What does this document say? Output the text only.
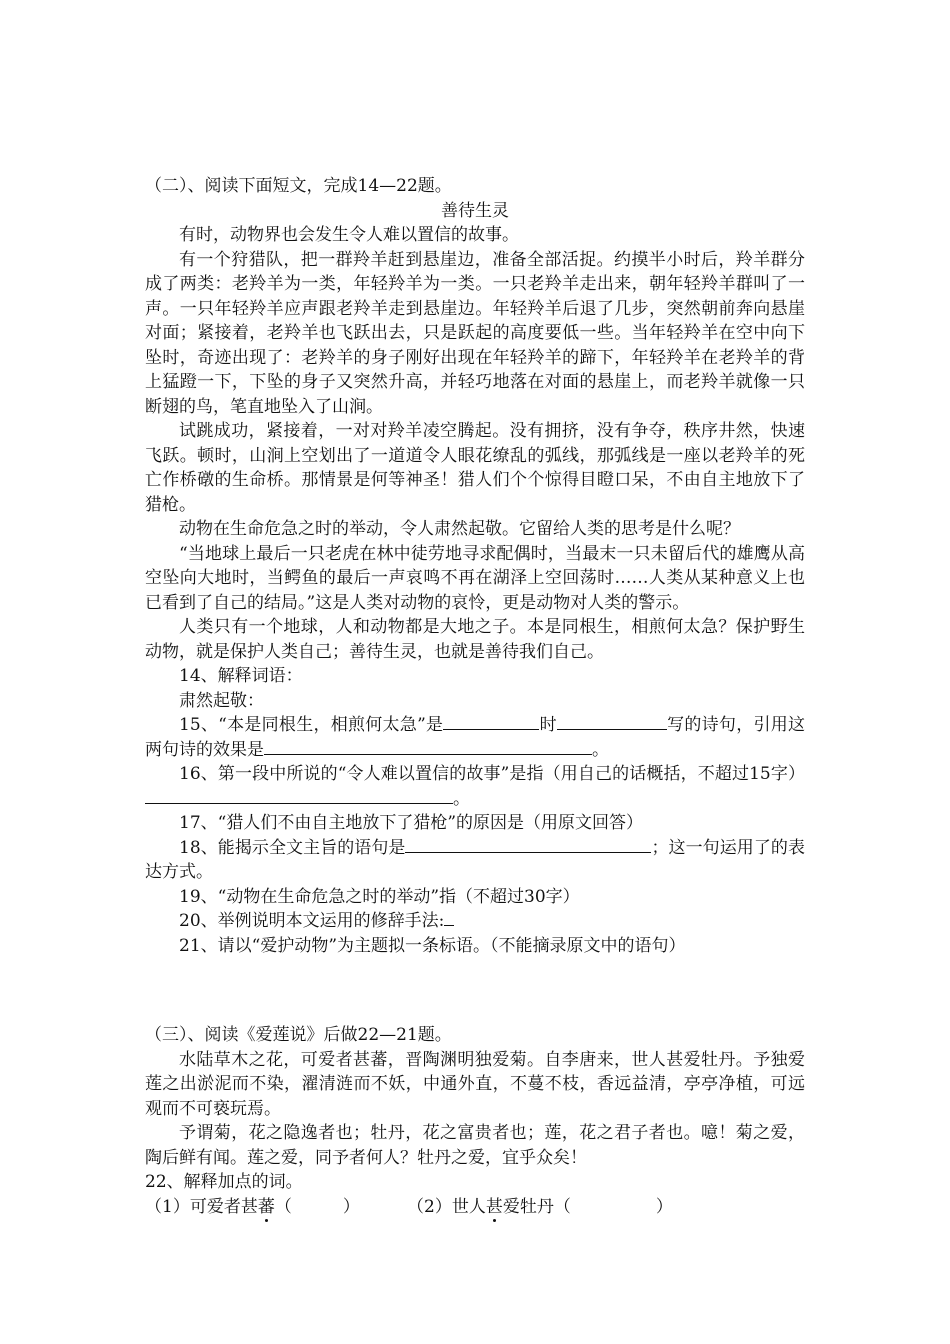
（二）、阅读下面短文，完成14—22题。

善待生灵

有时，动物界也会发生令人难以置信的故事。

有一个狩猎队，把一群羚羊赶到悬崖边，准备全部活捉。约摸半小时后，羚羊群分成了两类：老羚羊为一类，年轻羚羊为一类。一只老羚羊走出来，朝年轻羚羊群叫了一声。一只年轻羚羊应声跟老羚羊走到悬崖边。年轻羚羊后退了几步，突然朝前奔向悬崖对面；紧接着，老羚羊也飞跃出去，只是跃起的高度要低一些。当年轻羚羊在空中向下坠时，奇迹出现了：老羚羊的身子刚好出现在年轻羚羊的蹄下，年轻羚羊在老羚羊的背上猛蹬一下，下坠的身子又突然升高，并轻巧地落在对面的悬崖上，而老羚羊就像一只断翅的鸟，笔直地坠入了山涧。

试跳成功，紧接着，一对对羚羊凌空腾起。没有拥挤，没有争夺，秩序井然，快速飞跃。顿时，山涧上空划出了一道道令人眼花缭乱的弧线，那弧线是一座以老羚羊的死亡作桥礅的生命桥。那情景是何等神圣！猎人们个个惊得目瞪口呆，不由自主地放下了猎枪。

动物在生命危急之时的举动，令人肃然起敬。它留给人类的思考是什么呢？

“当地球上最后一只老虎在林中徒劳地寻求配偶时，当最末一只未留后代的雄鹰从高空坠向大地时，当鳄鱼的最后一声哀鸣不再在湖泽上空回荡时……人类从某种意义上也已看到了自己的结局。”这是人类对动物的哀怜，更是动物对人类的警示。

人类只有一个地球，人和动物都是大地之子。本是同根生，相煎何太急？保护野生动物，就是保护人类自己；善待生灵，也就是善待我们自己。

14、解释词语：

肃然起敬：

15、“本是同根生，相煎何太急”是	时	写的诗句，引用这两句诗的效果是	。

16、第一段中所说的“令人难以置信的故事”是指（用自己的话概括，不超过15字）。

17、“猎人们不由自主地放下了猎枪”的原因是（用原文回答）

18、能揭示全文主旨的语句是	；这一句运用了的表达方式。

19、“动物在生命危急之时的举动”指（不超过30字）

20、举例说明本文运用的修辞手法:

21、请以“爱护动物”为主题拟一条标语。（不能摘录原文中的语句）

（三）、阅读《爱莲说》后做22—21题。

水陆草木之花，可爱者甚蕃，晋陶渊明独爱菊。自李唐来，世人甚爱牡丹。予独爱莲之出淤泥而不染，濯清涟而不妖，中通外直，不蔓不枝，香远益清，亭亭净植，可远观而不可亵玩焉。

予谓菊，花之隐逸者也；牡丹，花之富贵者也；莲，花之君子者也。噫！菊之爱，陶后鲜有闻。莲之爱，同予者何人？牡丹之爱，宜乎众矣！

22、解释加点的词。

（1）可爱者甚蕃（　　　）	（2）世人甚爱牡丹（　　　　　）
